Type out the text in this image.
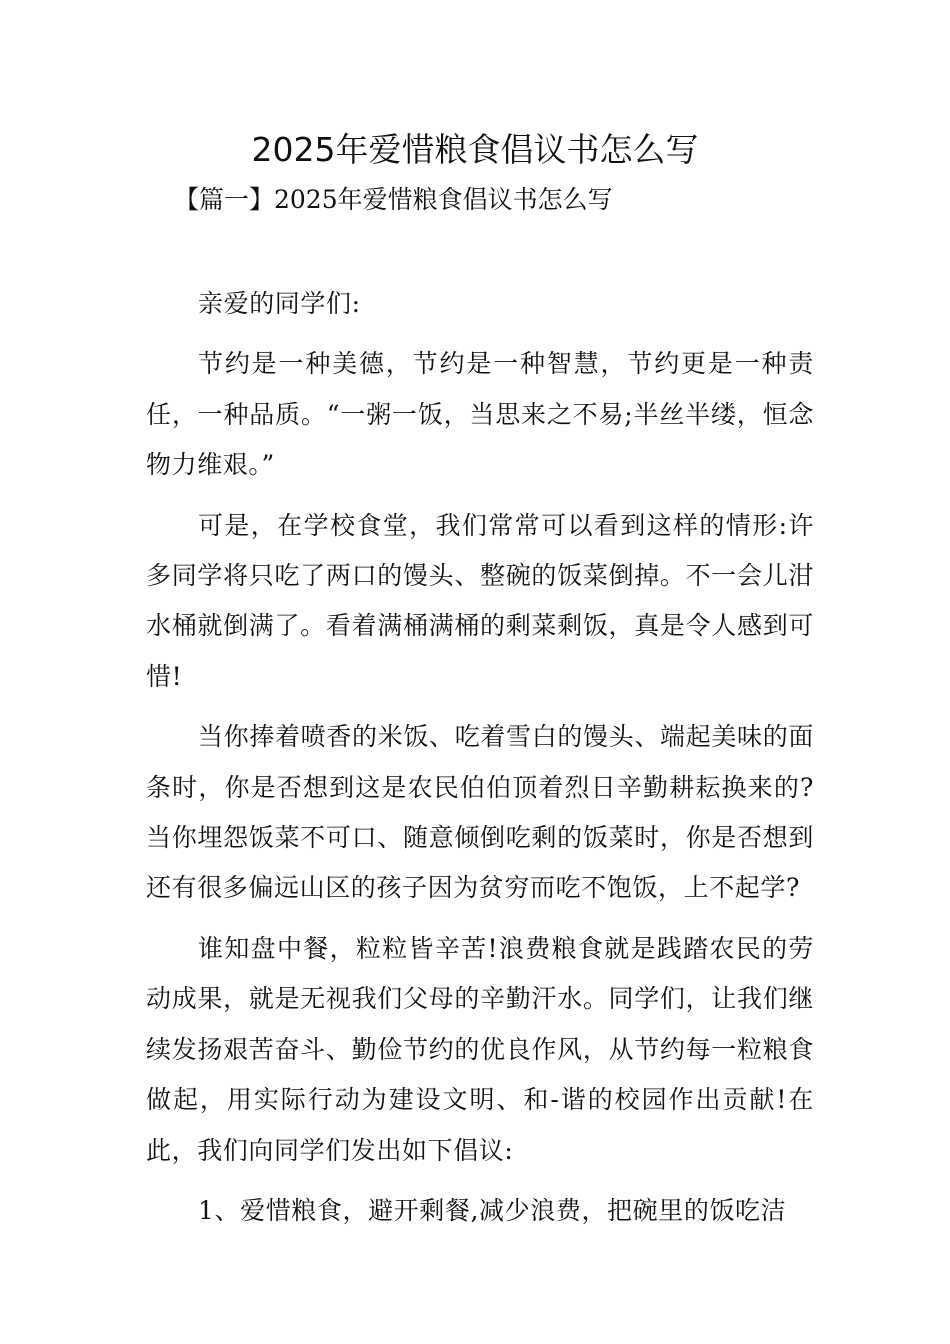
2025年爱惜粮食倡议书怎么写
【篇一】2025年爱惜粮食倡议书怎么写

亲爱的同学们:

节约是一种美德，节约是一种智慧，节约更是一种责任，一种品质。“一粥一饭，当思来之不易;半丝半缕，恒念物力维艰。”

可是，在学校食堂，我们常常可以看到这样的情形:许多同学将只吃了两口的馒头、整碗的饭菜倒掉。不一会儿泔水桶就倒满了。看着满桶满桶的剩菜剩饭，真是令人感到可惜!

当你捧着喷香的米饭、吃着雪白的馒头、端起美味的面条时，你是否想到这是农民伯伯顶着烈日辛勤耕耘换来的?当你埋怨饭菜不可口、随意倾倒吃剩的饭菜时，你是否想到还有很多偏远山区的孩子因为贫穷而吃不饱饭，上不起学?

谁知盘中餐，粒粒皆辛苦!浪费粮食就是践踏农民的劳动成果，就是无视我们父母的辛勤汗水。同学们，让我们继续发扬艰苦奋斗、勤俭节约的优良作风，从节约每一粒粮食做起，用实际行动为建设文明、和-谐的校园作出贡献!在此，我们向同学们发出如下倡议:

1、爱惜粮食，避开剩餐,减少浪费，把碗里的饭吃洁
